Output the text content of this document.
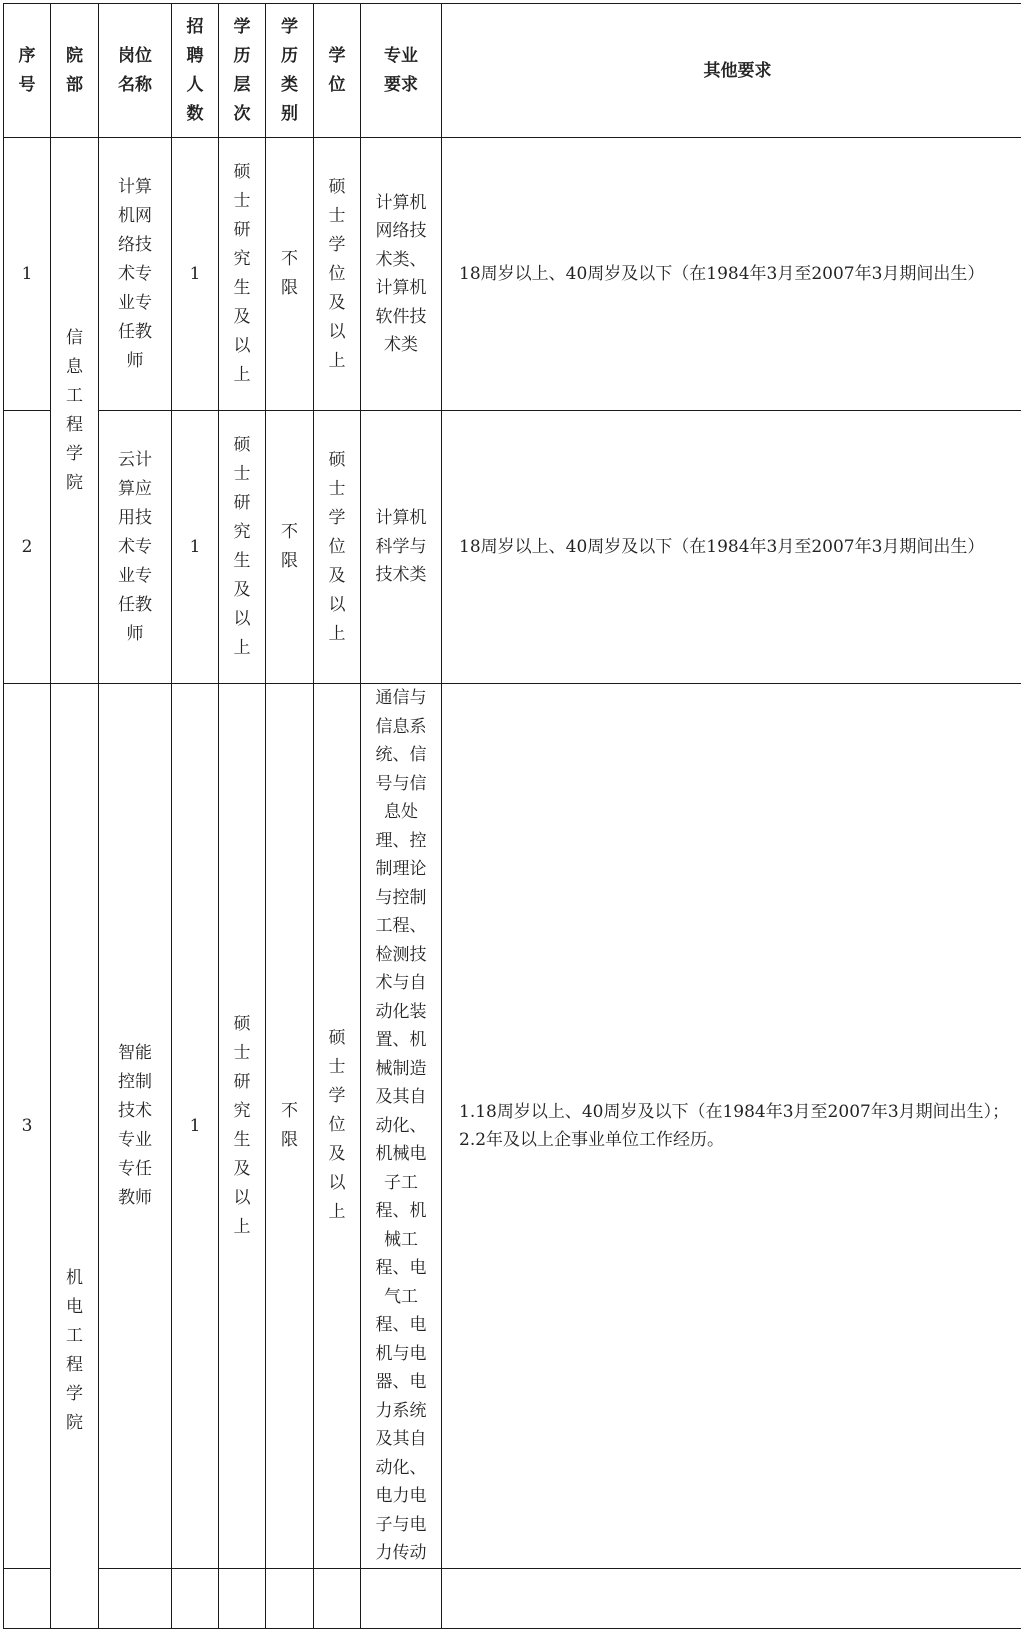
序号	院部	岗位名称	招聘人数	学历层次	学历类别	学位	专业要求	其他要求
1	信息工程学院	计算机网络技术专业专任教师	1	硕士研究生及以上	不限	硕士学位及以上	计算机网络技术类、计算机软件技术类	18周岁以上、40周岁及以下（在1984年3月至2007年3月期间出生）

2		云计算应用技术专业专任教师	1	硕士研究生及以上	不限	硕士学位及以上	计算机科学与技术类	18周岁以上、40周岁及以下（在1984年3月至2007年3月期间出生）

3	机电工程学院	智能控制技术专业专任教师	1	硕士研究生及以上	不限	硕士学位及以上	通信与信息系统、信号与信息处理、控制理论与控制工程、检测技术与自动化装置、机械制造及其自动化、机械电子工程、机械工程、电气工程、电机与电器、电力系统及其自动化、电力电子与电力传动	1.18周岁以上、40周岁及以下（在1984年3月至2007年3月期间出生）；
2.2年及以上企事业单位工作经历。
